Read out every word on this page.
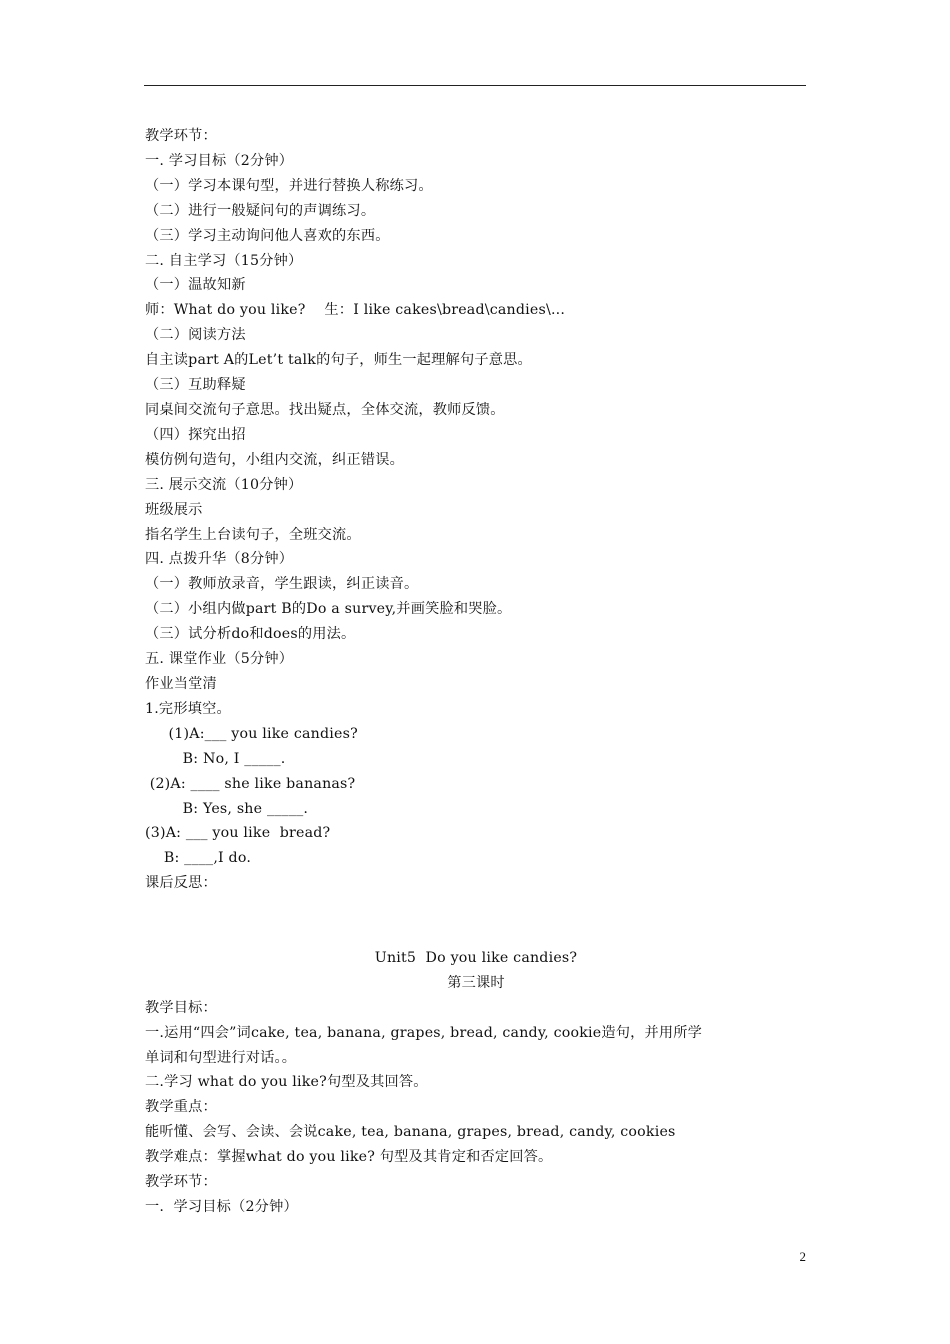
教学环节：
一. 学习目标（2分钟）
（一）学习本课句型，并进行替换人称练习。
（二）进行一般疑问句的声调练习。
（三）学习主动询问他人喜欢的东西。
二. 自主学习（15分钟）
（一）温故知新
师：What do you like?    生：I like cakes\bread\candies\...
（二）阅读方法
自主读part A的Let’t talk的句子，师生一起理解句子意思。
（三）互助释疑
同桌间交流句子意思。找出疑点，全体交流，教师反馈。
（四）探究出招
模仿例句造句，小组内交流，纠正错误。
三. 展示交流（10分钟）
班级展示
指名学生上台读句子，全班交流。
四. 点拨升华（8分钟）
（一）教师放录音，学生跟读，纠正读音。
（二）小组内做part B的Do a survey,并画笑脸和哭脸。
（三）试分析do和does的用法。
五. 课堂作业（5分钟）
作业当堂清
1.完形填空。
(1)A:___ you like candies?
B: No, I _____.
(2)A: ____ she like bananas?
B: Yes, she _____.
(3)A: ___ you like  bread?
B: ____,I do.
课后反思：
Unit5  Do you like candies?
第三课时
教学目标：
一.运用“四会”词cake, tea, banana, grapes, bread, candy, cookie造句，并用所学
单词和句型进行对话。。
二.学习 what do you like?句型及其回答。
教学重点：
能听懂、会写、会读、会说cake, tea, banana, grapes, bread, candy, cookies
教学难点：掌握what do you like? 句型及其肯定和否定回答。
教学环节：
一.  学习目标（2分钟）
2
